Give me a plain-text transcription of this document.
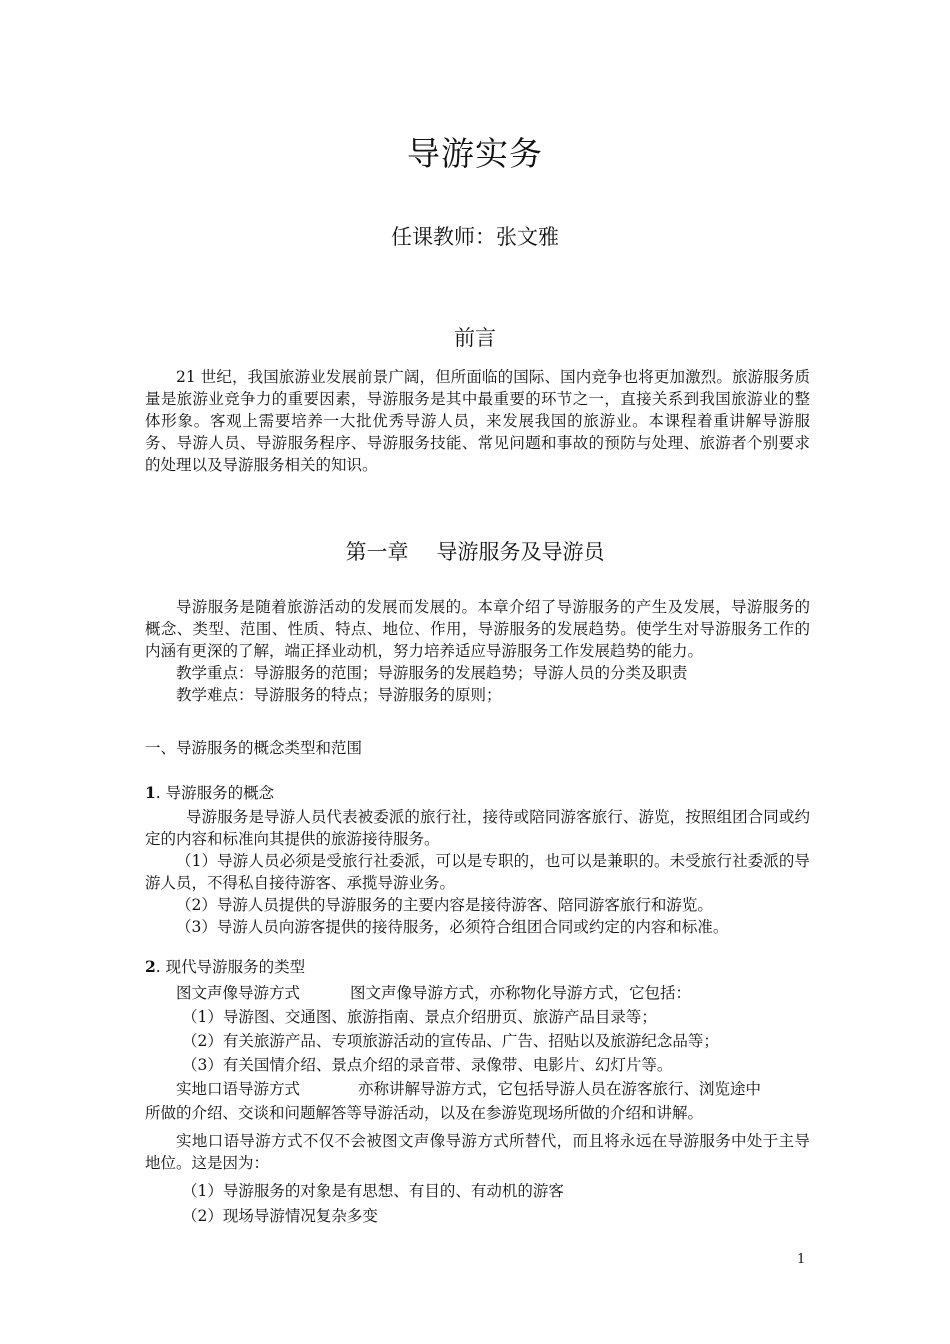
导游实务
任课教师：张文雅
前言

21 世纪，我国旅游业发展前景广阔，但所面临的国际、国内竞争也将更加激烈。旅游服务质量是旅游业竞争力的重要因素，导游服务是其中最重要的环节之一，直接关系到我国旅游业的整体形象。客观上需要培养一大批优秀导游人员，来发展我国的旅游业。本课程着重讲解导游服务、导游人员、导游服务程序、导游服务技能、常见问题和事故的预防与处理、旅游者个别要求的处理以及导游服务相关的知识。

第一章 导游服务及导游员

导游服务是随着旅游活动的发展而发展的。本章介绍了导游服务的产生及发展，导游服务的概念、类型、范围、性质、特点、地位、作用，导游服务的发展趋势。使学生对导游服务工作的内涵有更深的了解，端正择业动机，努力培养适应导游服务工作发展趋势的能力。

教学重点：导游服务的范围；导游服务的发展趋势；导游人员的分类及职责

教学难点：导游服务的特点；导游服务的原则；

一、导游服务的概念类型和范围
1. 导游服务的概念

导游服务是导游人员代表被委派的旅行社，接待或陪同游客旅行、游览，按照组团合同或约定的内容和标准向其提供的旅游接待服务。

（1）导游人员必须是受旅行社委派，可以是专职的，也可以是兼职的。未受旅行社委派的导游人员，不得私自接待游客、承揽导游业务。

（2）导游人员提供的导游服务的主要内容是接待游客、陪同游客旅行和游览。

（3）导游人员向游客提供的接待服务，必须符合组团合同或约定的内容和标准。

2. 现代导游服务的类型
图文声像导游方式	图文声像导游方式，亦称物化导游方式，它包括：
（1）导游图、交通图、旅游指南、景点介绍册页、旅游产品目录等；
（2）有关旅游产品、专项旅游活动的宣传品、广告、招贴以及旅游纪念品等；
（3）有关国情介绍、景点介绍的录音带、录像带、电影片、幻灯片等。
实地口语导游方式	亦称讲解导游方式，它包括导游人员在游客旅行、浏览途中
所做的介绍、交谈和问题解答等导游活动，以及在参游览现场所做的介绍和讲解。

实地口语导游方式不仅不会被图文声像导游方式所替代，而且将永远在导游服务中处于主导地位。这是因为：

（1）导游服务的对象是有思想、有目的、有动机的游客
（2）现场导游情况复杂多变
1
